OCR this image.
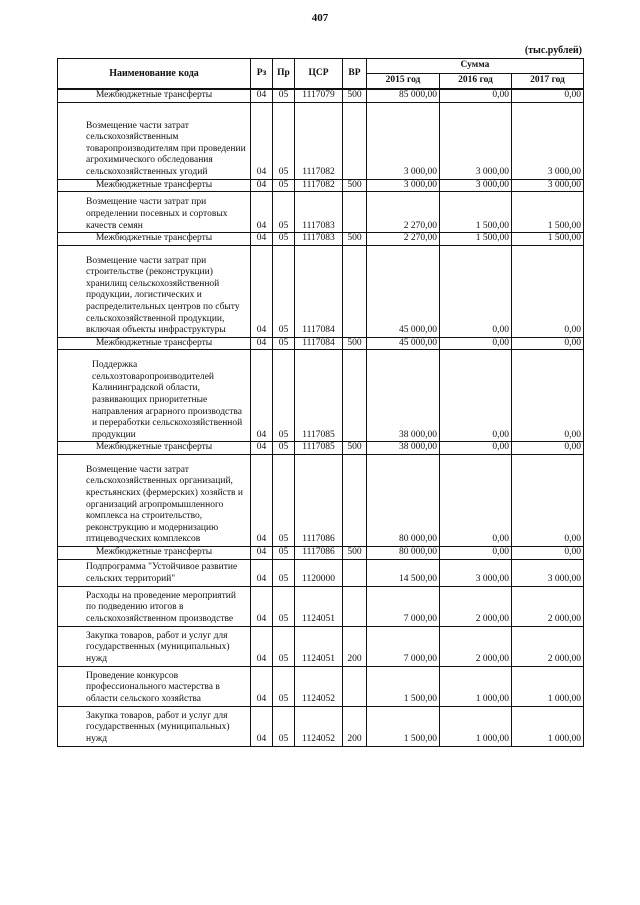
407
(тыс.рублей)
Наименование кода	Рз	Пр	ЦСР	ВР	Сумма		
					2015 год	2016 год	2017 год
Межбюджетные трансферты	04	05	1117079	500	85 000,00	0,00	0,00
Возмещение части затрат сельскохозяйственным товаропроизводителям при проведении агрохимического обследования сельскохозяйственных угодий	04	05	1117082		3 000,00	3 000,00	3 000,00
Межбюджетные трансферты	04	05	1117082	500	3 000,00	3 000,00	3 000,00
Возмещение части затрат при определении посевных и сортовых качеств семян	04	05	1117083		2 270,00	1 500,00	1 500,00
Межбюджетные трансферты	04	05	1117083	500	2 270,00	1 500,00	1 500,00
Возмещение части затрат при строительстве (реконструкции) хранилищ сельскохозяйственной продукции, логистических и распределительных центров по сбыту сельскохозяйственной продукции, включая объекты инфраструктуры	04	05	1117084		45 000,00	0,00	0,00
Межбюджетные трансферты	04	05	1117084	500	45 000,00	0,00	0,00
Поддержка сельхозтоваропроизводителей Калининградской области, развивающих приоритетные направления аграрного производства и переработки сельскохозяйственной продукции	04	05	1117085		38 000,00	0,00	0,00
Межбюджетные трансферты	04	05	1117085	500	38 000,00	0,00	0,00
Возмещение части затрат сельскохозяйственных организаций, крестьянских (фермерских) хозяйств и организаций агропромышленного комплекса на строительство, реконструкцию и модернизацию птицеводческих комплексов	04	05	1117086		80 000,00	0,00	0,00
Межбюджетные трансферты	04	05	1117086	500	80 000,00	0,00	0,00
Подпрограмма "Устойчивое развитие сельских территорий"	04	05	1120000		14 500,00	3 000,00	3 000,00
Расходы на проведение мероприятий по подведению итогов в сельскохозяйственном производстве	04	05	1124051		7 000,00	2 000,00	2 000,00
Закупка товаров, работ и услуг для государственных (муниципальных) нужд	04	05	1124051	200	7 000,00	2 000,00	2 000,00
Проведение конкурсов профессионального мастерства в области сельского хозяйства	04	05	1124052		1 500,00	1 000,00	1 000,00
Закупка товаров, работ и услуг для государственных (муниципальных) нужд	04	05	1124052	200	1 500,00	1 000,00	1 000,00
